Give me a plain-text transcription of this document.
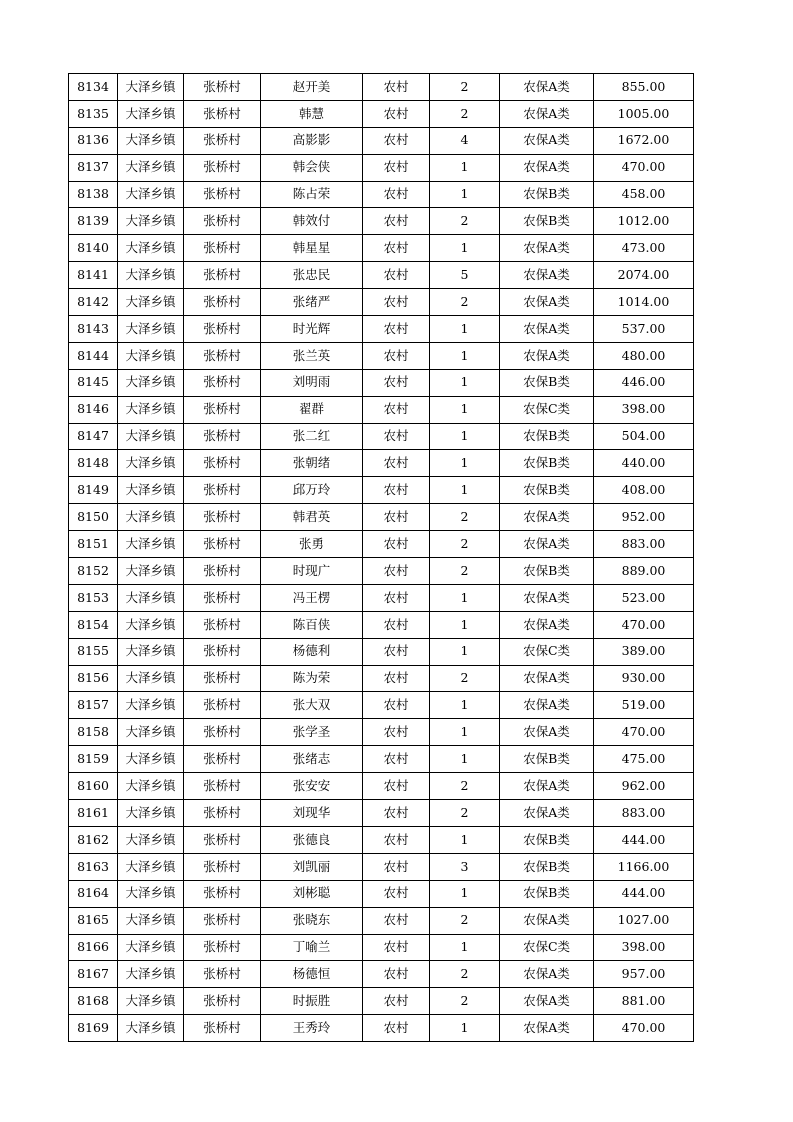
8134	大泽乡镇	张桥村	赵开美	农村	2	农保A类	855.00
8135	大泽乡镇	张桥村	韩慧	农村	2	农保A类	1005.00
8136	大泽乡镇	张桥村	高影影	农村	4	农保A类	1672.00
8137	大泽乡镇	张桥村	韩会侠	农村	1	农保A类	470.00
8138	大泽乡镇	张桥村	陈占荣	农村	1	农保B类	458.00
8139	大泽乡镇	张桥村	韩效付	农村	2	农保B类	1012.00
8140	大泽乡镇	张桥村	韩星星	农村	1	农保A类	473.00
8141	大泽乡镇	张桥村	张忠民	农村	5	农保A类	2074.00
8142	大泽乡镇	张桥村	张绪严	农村	2	农保A类	1014.00
8143	大泽乡镇	张桥村	时光辉	农村	1	农保A类	537.00
8144	大泽乡镇	张桥村	张兰英	农村	1	农保A类	480.00
8145	大泽乡镇	张桥村	刘明雨	农村	1	农保B类	446.00
8146	大泽乡镇	张桥村	翟群	农村	1	农保C类	398.00
8147	大泽乡镇	张桥村	张二红	农村	1	农保B类	504.00
8148	大泽乡镇	张桥村	张朝绪	农村	1	农保B类	440.00
8149	大泽乡镇	张桥村	邱万玲	农村	1	农保B类	408.00
8150	大泽乡镇	张桥村	韩君英	农村	2	农保A类	952.00
8151	大泽乡镇	张桥村	张勇	农村	2	农保A类	883.00
8152	大泽乡镇	张桥村	时现广	农村	2	农保B类	889.00
8153	大泽乡镇	张桥村	冯王楞	农村	1	农保A类	523.00
8154	大泽乡镇	张桥村	陈百侠	农村	1	农保A类	470.00
8155	大泽乡镇	张桥村	杨德利	农村	1	农保C类	389.00
8156	大泽乡镇	张桥村	陈为荣	农村	2	农保A类	930.00
8157	大泽乡镇	张桥村	张大双	农村	1	农保A类	519.00
8158	大泽乡镇	张桥村	张学圣	农村	1	农保A类	470.00
8159	大泽乡镇	张桥村	张绪志	农村	1	农保B类	475.00
8160	大泽乡镇	张桥村	张安安	农村	2	农保A类	962.00
8161	大泽乡镇	张桥村	刘现华	农村	2	农保A类	883.00
8162	大泽乡镇	张桥村	张德良	农村	1	农保B类	444.00
8163	大泽乡镇	张桥村	刘凯丽	农村	3	农保B类	1166.00
8164	大泽乡镇	张桥村	刘彬聪	农村	1	农保B类	444.00
8165	大泽乡镇	张桥村	张晓东	农村	2	农保A类	1027.00
8166	大泽乡镇	张桥村	丁喻兰	农村	1	农保C类	398.00
8167	大泽乡镇	张桥村	杨德恒	农村	2	农保A类	957.00
8168	大泽乡镇	张桥村	时振胜	农村	2	农保A类	881.00
8169	大泽乡镇	张桥村	王秀玲	农村	1	农保A类	470.00
